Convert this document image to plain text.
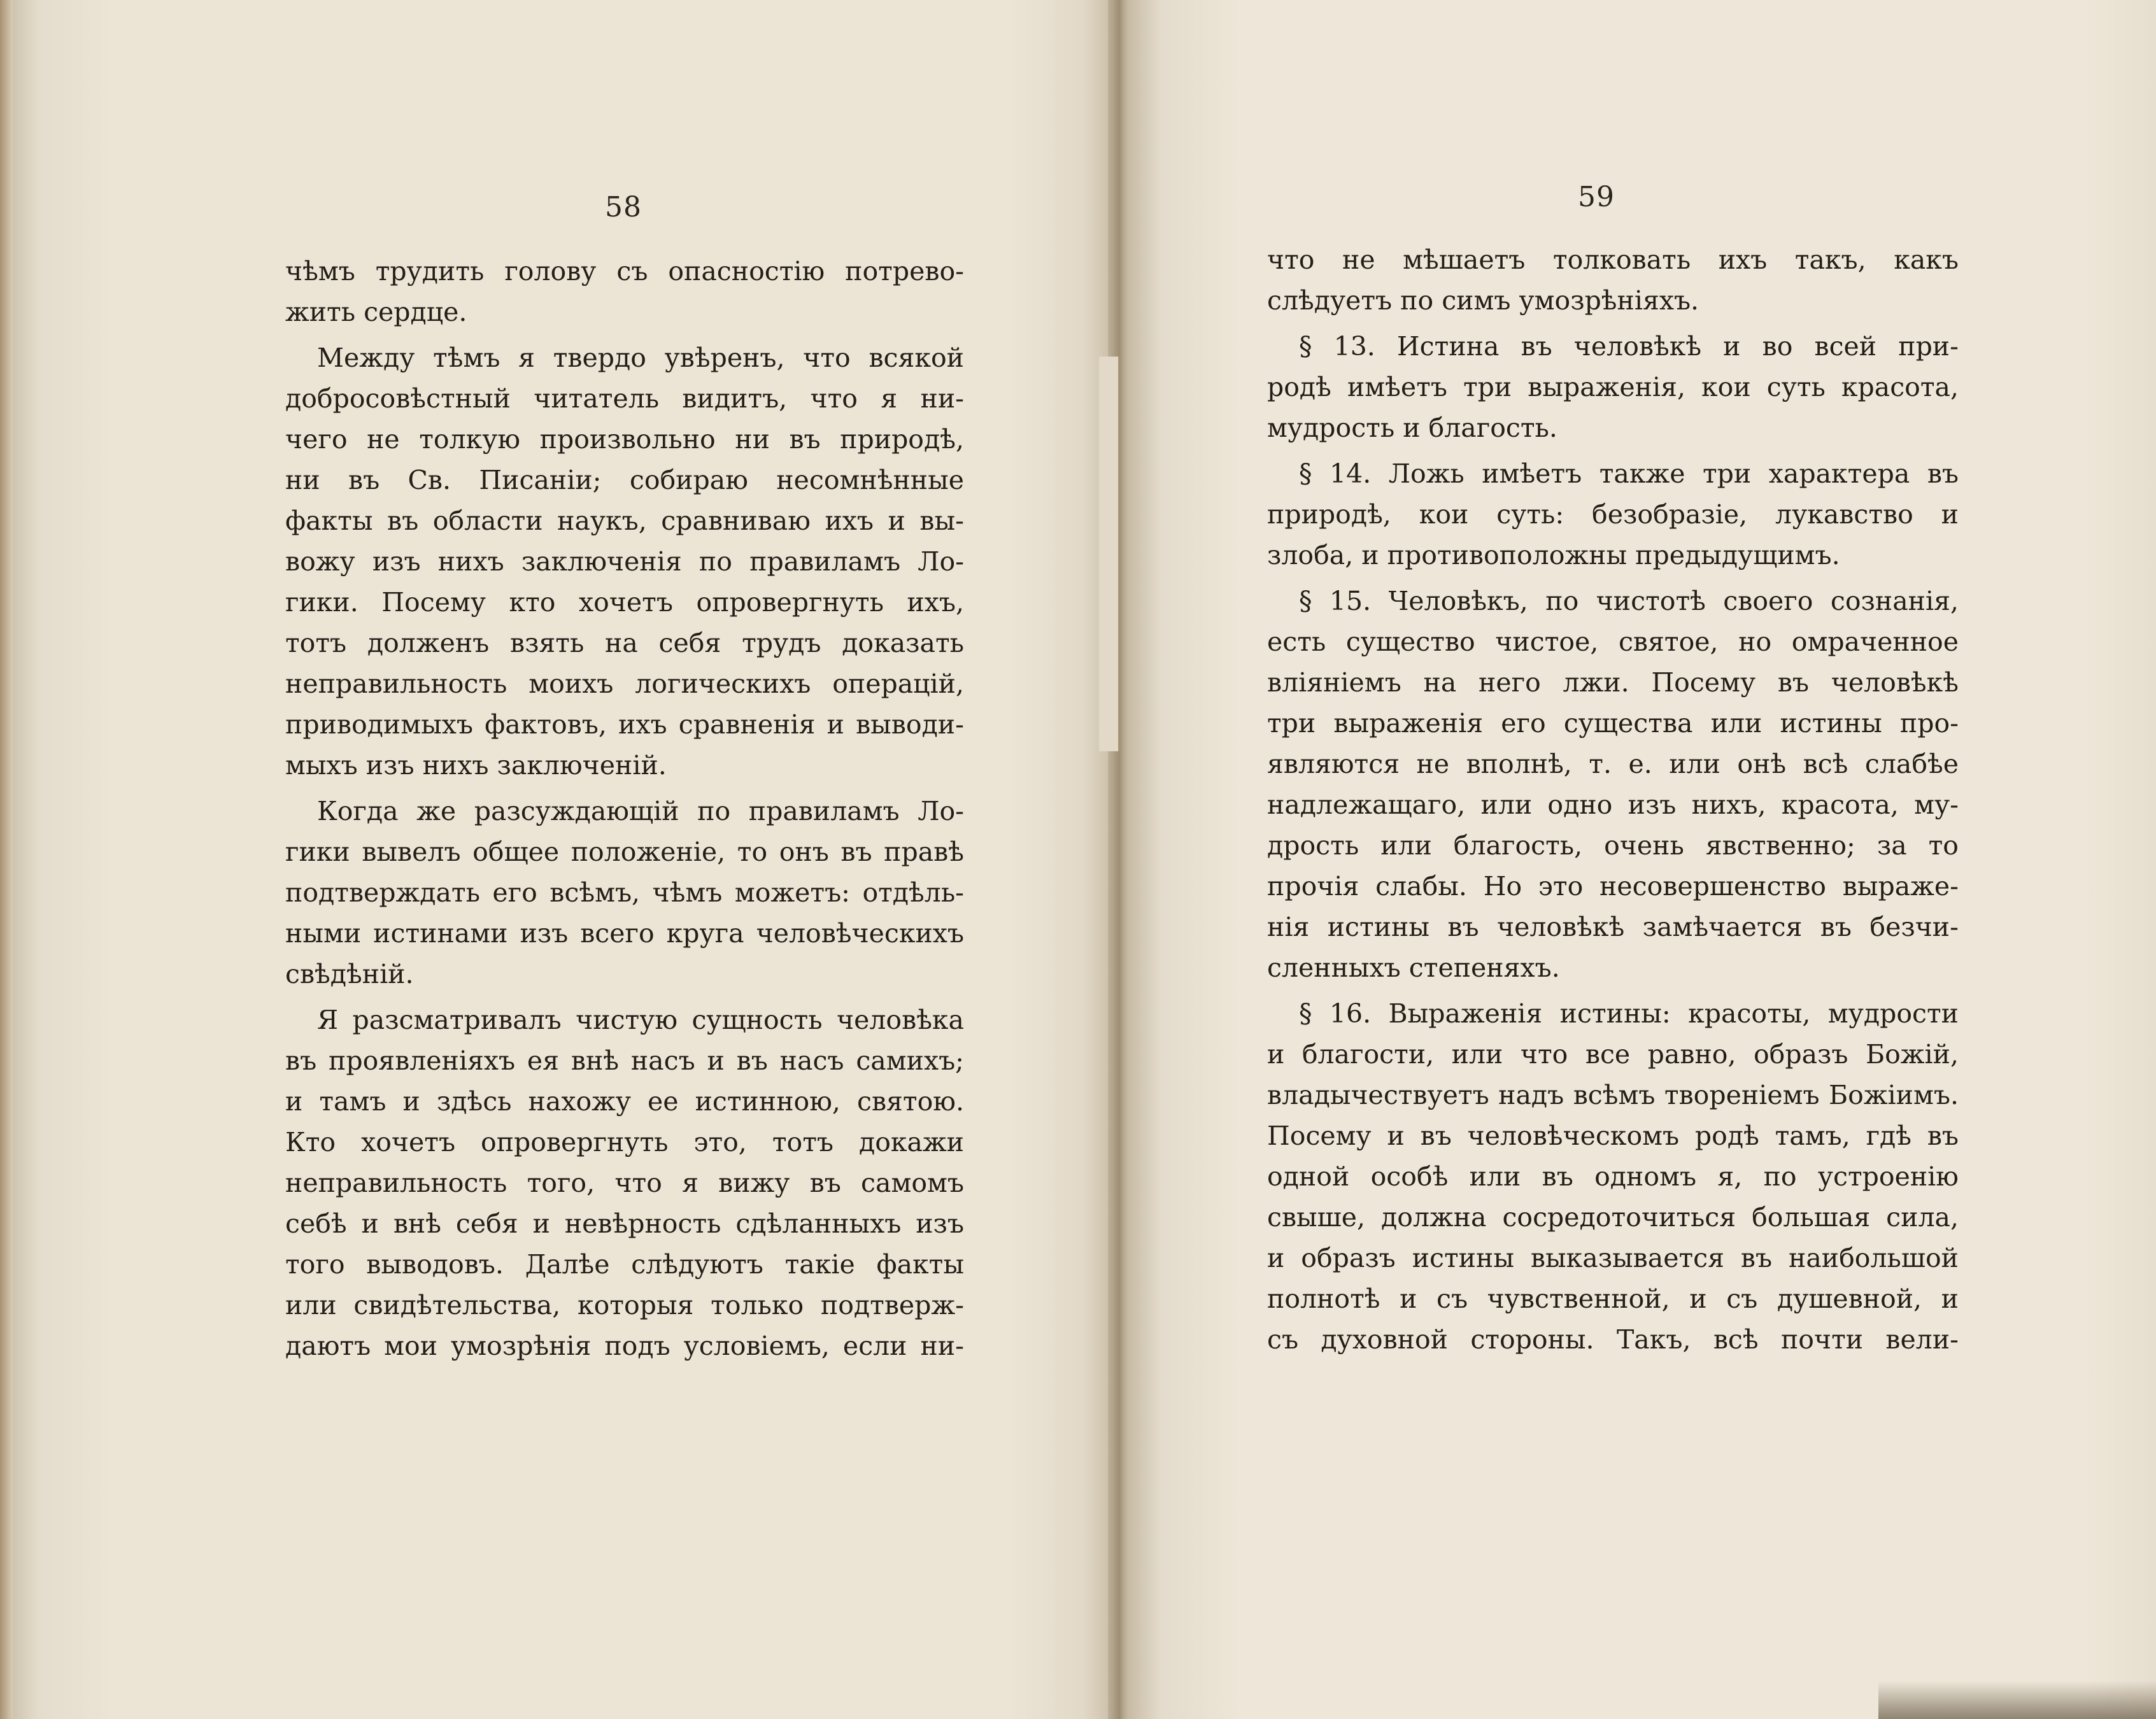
58
чѣмъ трудить голову съ опасностію потрево-
жить сердце.
Между тѣмъ я твердо увѣренъ, что всякой
добросовѣстный читатель видитъ, что я ни-
чего не толкую произвольно ни въ природѣ,
ни въ Св. Писаніи; собираю несомнѣнные
факты въ области наукъ, сравниваю ихъ и вы-
вожу изъ нихъ заключенія по правиламъ Ло-
гики. Посему кто хочетъ опровергнуть ихъ,
тотъ долженъ взять на себя трудъ доказать
неправильность моихъ логическихъ операцій,
приводимыхъ фактовъ, ихъ сравненія и выводи-
мыхъ изъ нихъ заключеній.
Когда же разсуждающій по правиламъ Ло-
гики вывелъ общее положеніе, то онъ въ правѣ
подтверждать его всѣмъ, чѣмъ можетъ: отдѣль-
ными истинами изъ всего круга человѣческихъ
свѣдѣній.
Я разсматривалъ чистую сущность человѣка
въ проявленіяхъ ея внѣ насъ и въ насъ самихъ;
и тамъ и здѣсь нахожу ее истинною, святою.
Кто хочетъ опровергнуть это, тотъ докажи
неправильность того, что я вижу въ самомъ
себѣ и внѣ себя и невѣрность сдѣланныхъ изъ
того выводовъ. Далѣе слѣдуютъ такіе факты
или свидѣтельства, которыя только подтверж-
даютъ мои умозрѣнія подъ условіемъ, если ни-
59
что не мѣшаетъ толковать ихъ такъ, какъ
слѣдуетъ по симъ умозрѣніяхъ.
§ 13. Истина въ человѣкѣ и во всей при-
родѣ имѣетъ три выраженія, кои суть красота,
мудрость и благость.
§ 14. Ложь имѣетъ также три характера въ
природѣ, кои суть: безобразіе, лукавство и
злоба, и противоположны предыдущимъ.
§ 15. Человѣкъ, по чистотѣ своего сознанія,
есть существо чистое, святое, но омраченное
вліяніемъ на него лжи. Посему въ человѣкѣ
три выраженія его существа или истины про-
являются не вполнѣ, т. е. или онѣ всѣ слабѣе
надлежащаго, или одно изъ нихъ, красота, му-
дрость или благость, очень явственно; за то
прочія слабы. Но это несовершенство выраже-
нія истины въ человѣкѣ замѣчается въ безчи-
сленныхъ степеняхъ.
§ 16. Выраженія истины: красоты, мудрости
и благости, или что все равно, образъ Божій,
владычествуетъ надъ всѣмъ твореніемъ Божіимъ.
Посему и въ человѣческомъ родѣ тамъ, гдѣ въ
одной особѣ или въ одномъ я, по устроенію
свыше, должна сосредоточиться большая сила,
и образъ истины выказывается въ наибольшой
полнотѣ и съ чувственной, и съ душевной, и
съ духовной стороны. Такъ, всѣ почти вели-
